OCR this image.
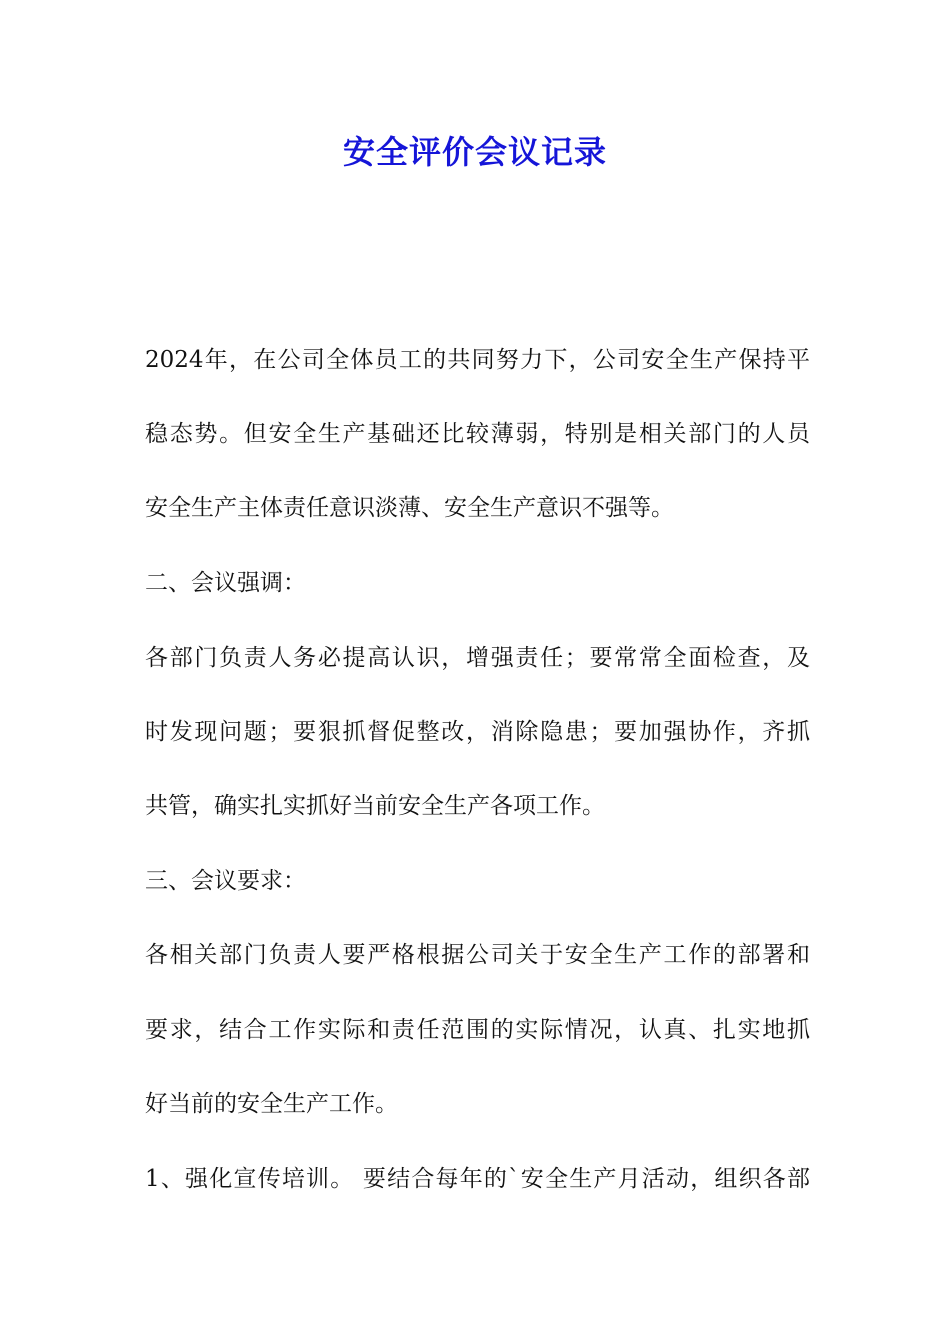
安全评价会议记录
2024年，在公司全体员工的共同努力下，公司安全生产保持平
稳态势。但安全生产基础还比较薄弱，特别是相关部门的人员
安全生产主体责任意识淡薄、安全生产意识不强等。
二、会议强调：
各部门负责人务必提高认识，增强责任；要常常全面检查，及
时发现问题；要狠抓督促整改，消除隐患；要加强协作，齐抓
共管，确实扎实抓好当前安全生产各项工作。
三、会议要求：
各相关部门负责人要严格根据公司关于安全生产工作的部署和
要求，结合工作实际和责任范围的实际情况，认真、扎实地抓
好当前的安全生产工作。
1、强化宣传培训。 要结合每年的`安全生产月活动，组织各部
